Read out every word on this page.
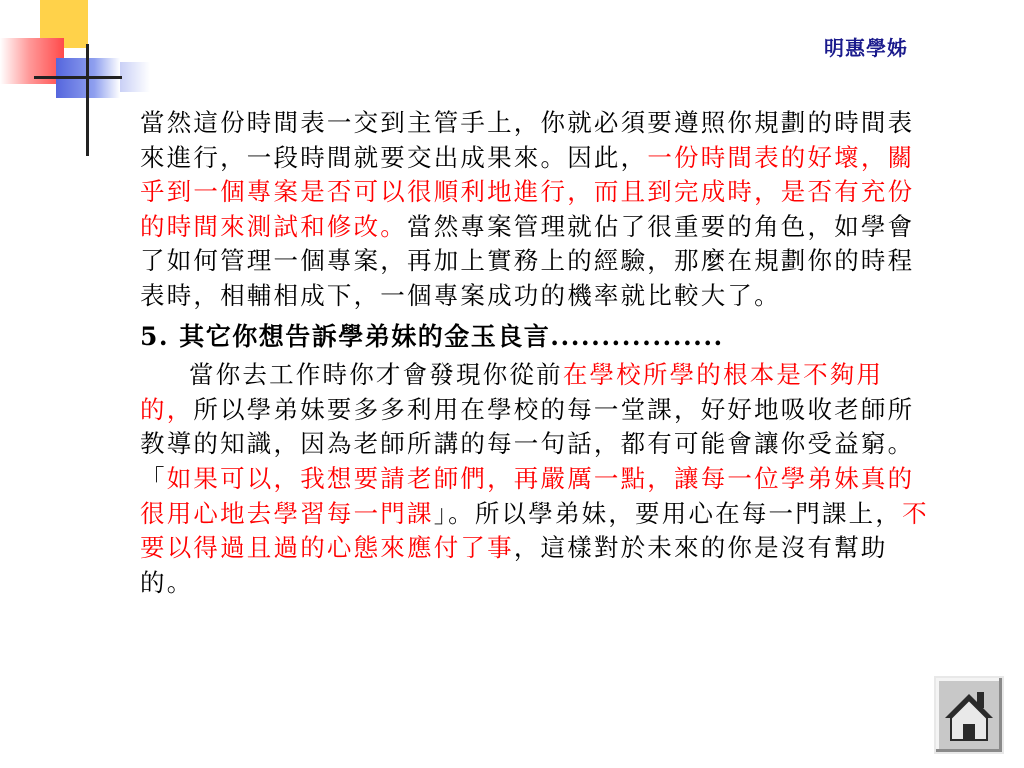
明惠學姊

當然這份時間表一交到主管手上，你就必須要遵照你規劃的時間表來進行，一段時間就要交出成果來。因此，一份時間表的好壞，關乎到一個專案是否可以很順利地進行，而且到完成時，是否有充份的時間來測試和修改。當然專案管理就佔了很重要的角色，如學會了如何管理一個專案，再加上實務上的經驗，那麼在規劃你的時程表時，相輔相成下，一個專案成功的機率就比較大了。

5. 其它你想告訴學弟妹的金玉良言.................

當你去工作時你才會發現你從前在學校所學的根本是不夠用的，所以學弟妹要多多利用在學校的每一堂課，好好地吸收老師所教導的知識，因為老師所講的每一句話，都有可能會讓你受益窮。「如果可以，我想要請老師們，再嚴厲一點，讓每一位學弟妹真的很用心地去學習每一門課」。所以學弟妹，要用心在每一門課上，不要以得過且過的心態來應付了事，這樣對於未來的你是沒有幫助的。
